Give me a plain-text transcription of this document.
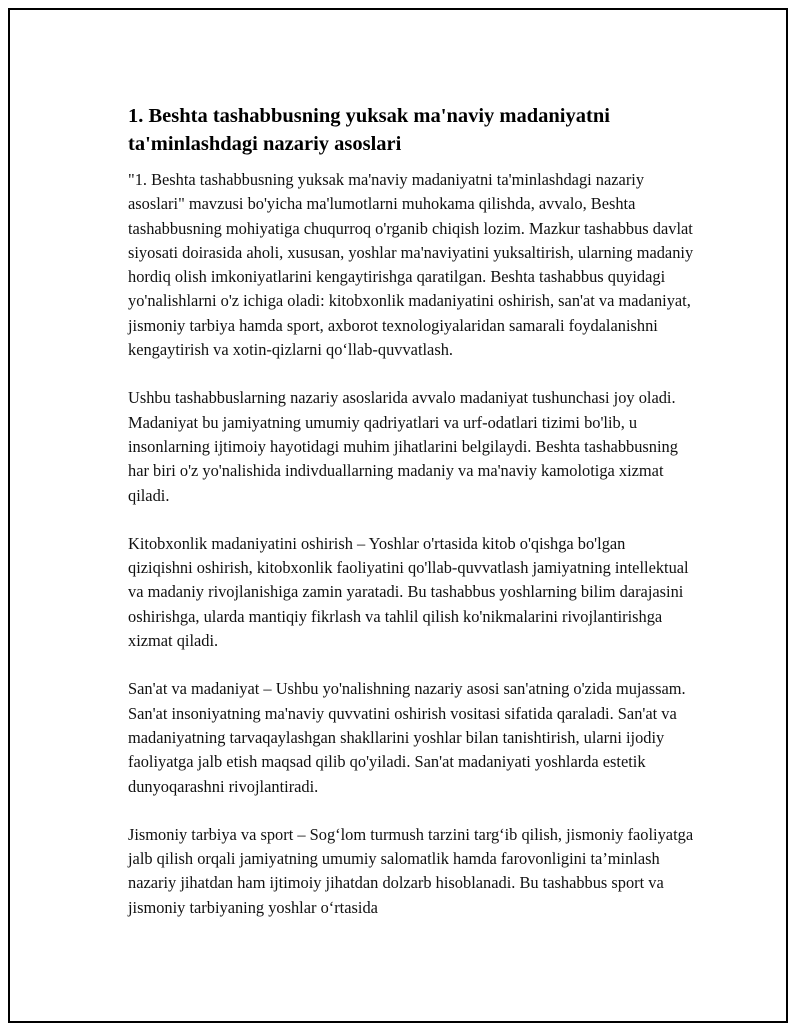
1. Beshta tashabbusning yuksak ma'naviy madaniyatni ta'minlashdagi nazariy asoslari

"1. Beshta tashabbusning yuksak ma'naviy madaniyatni ta'minlashdagi nazariy asoslari" mavzusi bo'yicha ma'lumotlarni muhokama qilishda, avvalo, Beshta tashabbusning mohiyatiga chuqurroq o'rganib chiqish lozim. Mazkur tashabbus davlat siyosati doirasida aholi, xususan, yoshlar ma'naviyatini yuksaltirish, ularning madaniy hordiq olish imkoniyatlarini kengaytirishga qaratilgan. Beshta tashabbus quyidagi yo'nalishlarni o'z ichiga oladi: kitobxonlik madaniyatini oshirish, san'at va madaniyat, jismoniy tarbiya hamda sport, axborot texnologiyalaridan samarali foydalanishni kengaytirish va xotin-qizlarni qo‘llab-quvvatlash.

Ushbu tashabbuslarning nazariy asoslarida avvalo madaniyat tushunchasi joy oladi. Madaniyat bu jamiyatning umumiy qadriyatlari va urf-odatlari tizimi bo'lib, u insonlarning ijtimoiy hayotidagi muhim jihatlarini belgilaydi. Beshta tashabbusning har biri o'z yo'nalishida indivduallarning madaniy va ma'naviy kamolotiga xizmat qiladi.

Kitobxonlik madaniyatini oshirish – Yoshlar o'rtasida kitob o'qishga bo'lgan qiziqishni oshirish, kitobxonlik faoliyatini qo'llab-quvvatlash jamiyatning intellektual va madaniy rivojlanishiga zamin yaratadi. Bu tashabbus yoshlarning bilim darajasini oshirishga, ularda mantiqiy fikrlash va tahlil qilish ko'nikmalarini rivojlantirishga xizmat qiladi.

San'at va madaniyat – Ushbu yo'nalishning nazariy asosi san'atning o'zida mujassam. San'at insoniyatning ma'naviy quvvatini oshirish vositasi sifatida qaraladi. San'at va madaniyatning tarvaqaylashgan shakllarini yoshlar bilan tanishtirish, ularni ijodiy faoliyatga jalb etish maqsad qilib qo'yiladi. San'at madaniyati yoshlarda estetik dunyoqarashni rivojlantiradi.

Jismoniy tarbiya va sport – Sog‘lom turmush tarzini targ‘ib qilish, jismoniy faoliyatga jalb qilish orqali jamiyatning umumiy salomatlik hamda farovonligini ta’minlash nazariy jihatdan ham ijtimoiy jihatdan dolzarb hisoblanadi. Bu tashabbus sport va jismoniy tarbiyaning yoshlar o‘rtasida
